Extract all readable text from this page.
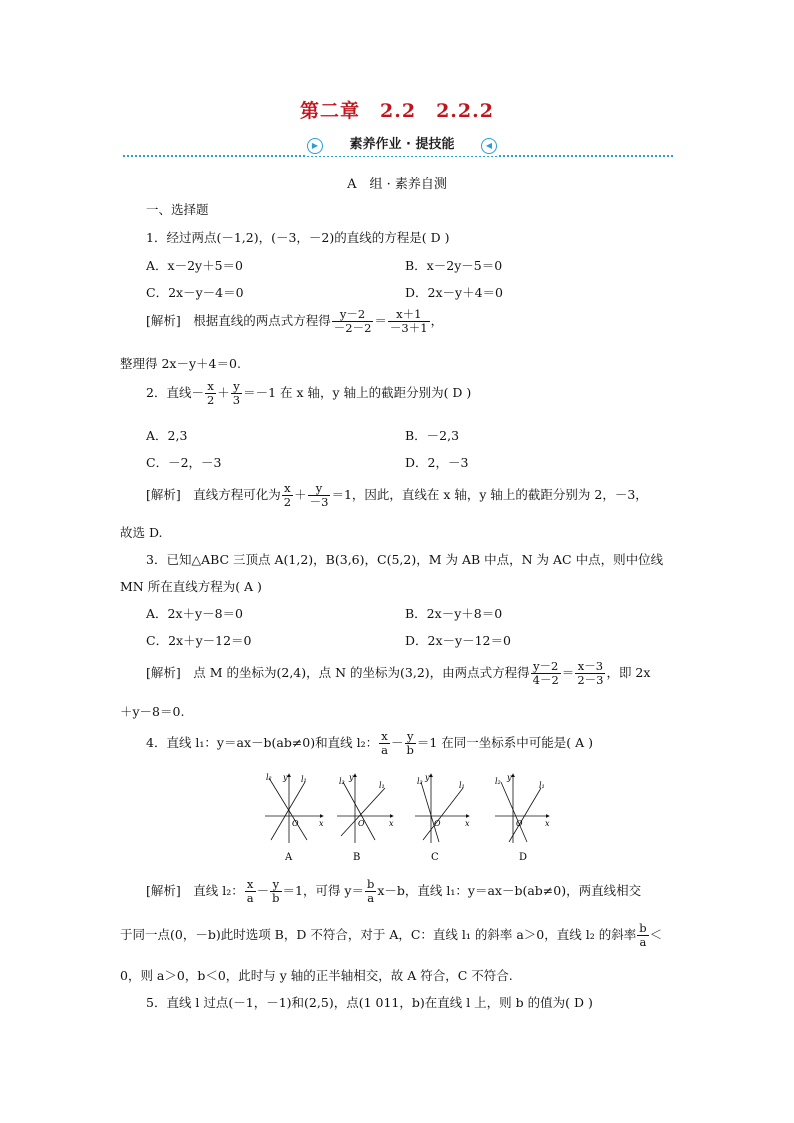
第二章　2.2　2.2.2
▶	素养作业 · 提技能	◀
A　组 · 素养自测
一、选择题
1．经过两点(－1,2)，(－3，－2)的直线的方程是( D )
A．x－2y＋5＝0	B．x－2y－5＝0
C．2x－y－4＝0	D．2x－y＋4＝0
[解析]　根据直线的两点式方程得 $\frac{y-2}{-2-2} = \frac{x+1}{-3+1}$ ，
整理得 2x－y＋4＝0.
2．直线－ $\frac{x}{2} + \frac{y}{3} =-1$ 在 x 轴，y 轴上的截距分别为( D )
A．2,3	B．－2,3
C．－2，－3	D．2，－3
[解析]　直线方程可化为 $\frac{x}{2} + \frac{y}{-3} =1$，因此，直线在 x 轴，y 轴上的截距分别为 2，－3，
故选 D.
3．已知△ABC 三顶点 A(1,2)，B(3,6)，C(5,2)，M 为 AB 中点，N 为 AC 中点，则中位线
MN 所在直线方程为( A )
A．2x＋y－8＝0	B．2x－y＋8＝0
C．2x＋y－12＝0	D．2x－y－12＝0
[解析]　点 M 的坐标为(2,4)，点 N 的坐标为(3,2)，由两点式方程得 $\frac{y-2}{4-2} = \frac{x-3}{2-3}$ ，即 2x
＋y－8＝0.
4．直线 l₁：y＝ax－b(ab≠0)和直线 l₂： $\frac{x}{a} - \frac{y}{b} =1$ 在同一坐标系中可能是( A )
l₂ y l₁
O	x
A
l₂ y
l₁
O	x
B
l₂ y
l₁
O	x
C
l₂ y
l₁
O	x
D
[解析]　直线 l₂： $\frac{x}{a} - \frac{y}{b} =1$，可得 $y= \frac{b}{a} x-b$，直线 l₁：y＝ax－b(ab≠0)，两直线相交
于同一点(0，－b)此时选项 B，D 不符合，对于 A，C：直线 l₁ 的斜率 a＞0，直线 l₂ 的斜率 $\frac{b}{a}$ ＜
0，则 a＞0，b＜0，此时与 y 轴的正半轴相交，故 A 符合，C 不符合.
5．直线 l 过点(－1，－1)和(2,5)，点(1 011，b)在直线 l 上，则 b 的值为( D )
